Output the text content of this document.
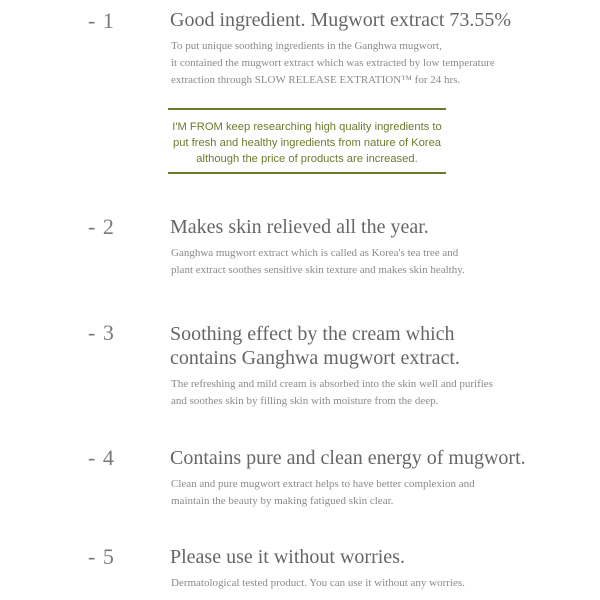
- 1	Good ingredient. Mugwort extract 73.55%
To put unique soothing ingredients in the Ganghwa mugwort,
it contained the mugwort extract which was extracted by low temperature
extraction through SLOW RELEASE EXTRATION™ for 24 hrs.
I'M FROM keep researching high quality ingredients to
put fresh and healthy ingredients from nature of Korea
although the price of products are increased.
- 2	Makes skin relieved all the year.
Ganghwa mugwort extract which is called as Korea's tea tree and
plant extract soothes sensitive skin texture and makes skin healthy.
- 3	Soothing effect by the cream which
contains Ganghwa mugwort extract.
The refreshing and mild cream is absorbed into the skin well and purifies
and soothes skin by filling skin with moisture from the deep.
- 4	Contains pure and clean energy of mugwort.
Clean and pure mugwort extract helps to have better complexion and
maintain the beauty by making fatigued skin clear.
- 5	Please use it without worries.
Dermatological tested product. You can use it without any worries.
